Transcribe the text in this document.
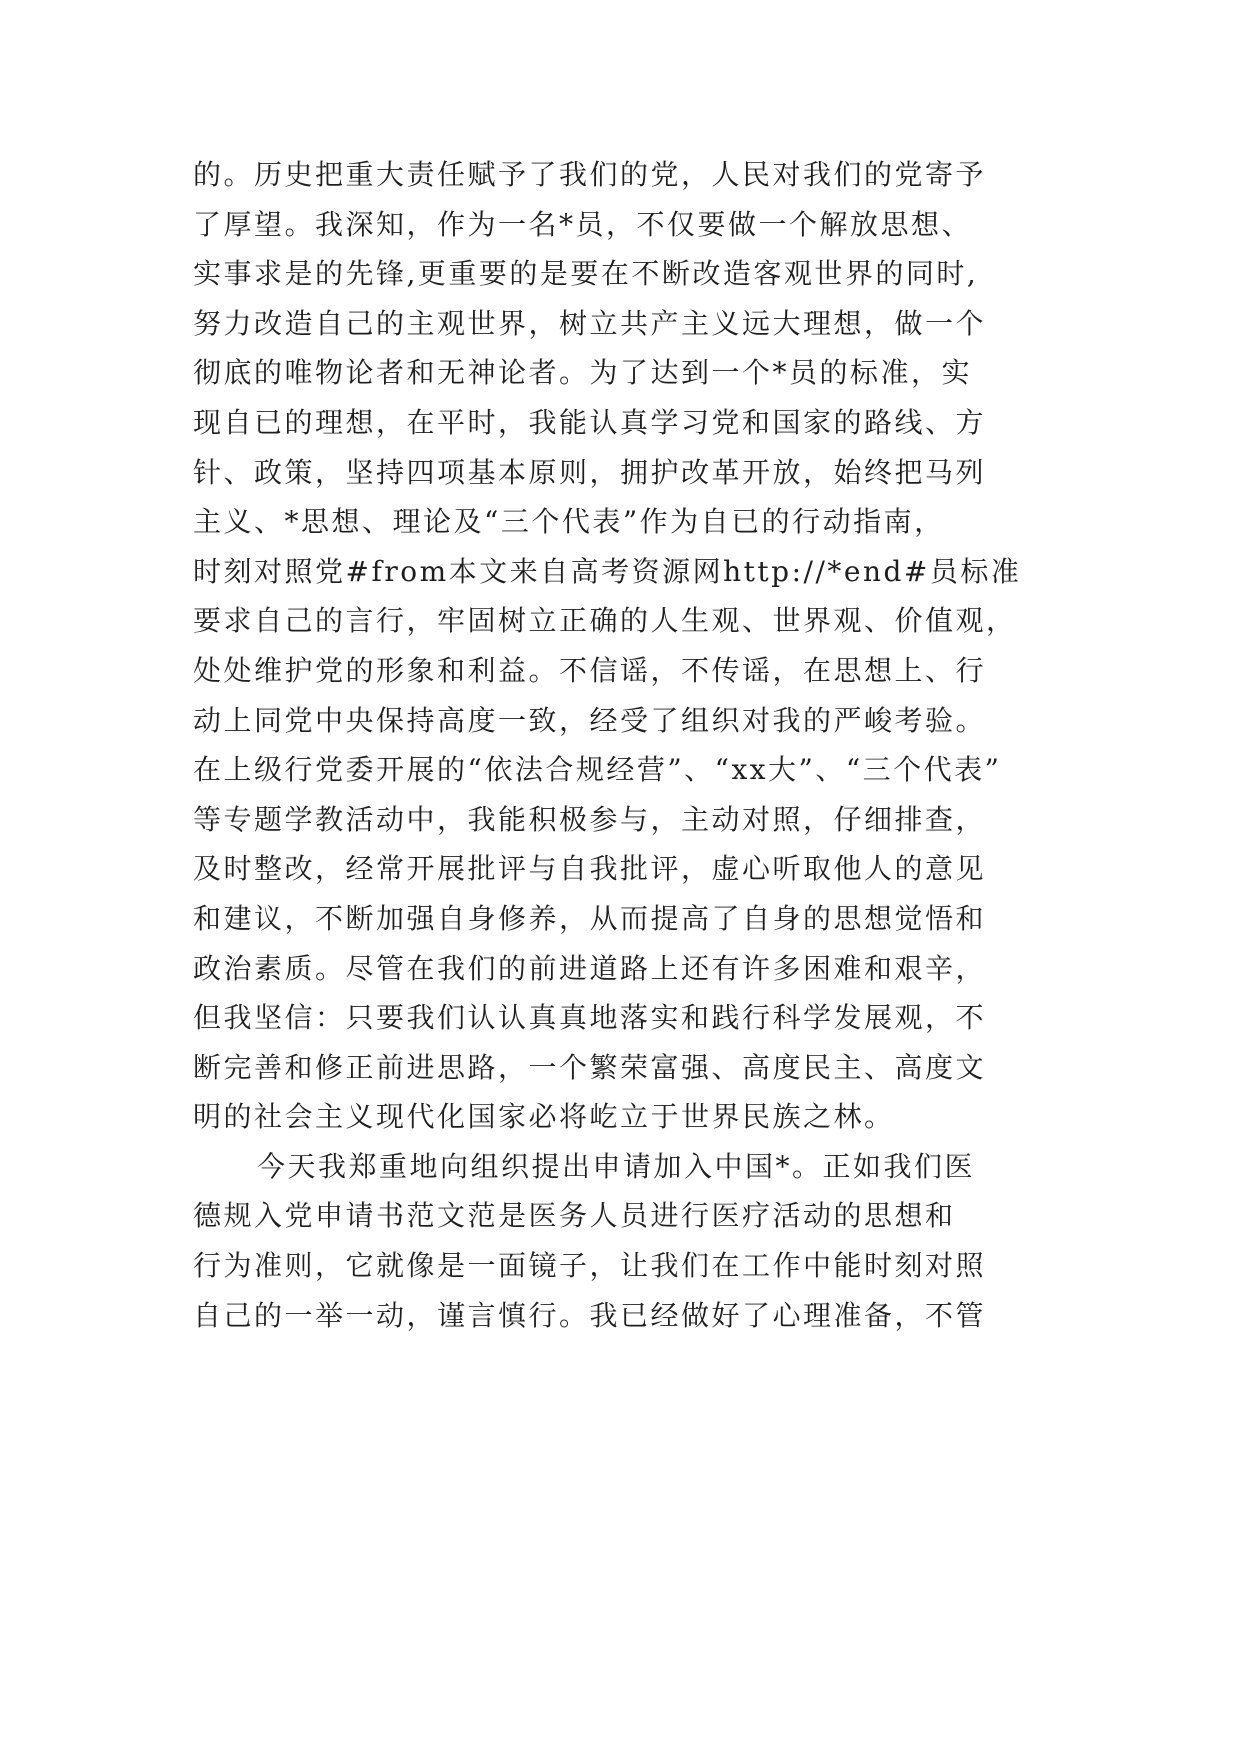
的。历史把重大责任赋予了我们的党，人民对我们的党寄予
了厚望。我深知，作为一名*员，不仅要做一个解放思想、
实事求是的先锋,更重要的是要在不断改造客观世界的同时,
努力改造自己的主观世界，树立共产主义远大理想，做一个
彻底的唯物论者和无神论者。为了达到一个*员的标准，实
现自已的理想，在平时，我能认真学习党和国家的路线、方
针、政策，坚持四项基本原则，拥护改革开放，始终把马列
主义、*思想、理论及“三个代表”作为自已的行动指南，
时刻对照党#from本文来自高考资源网http://*end#员标准
要求自己的言行，牢固树立正确的人生观、世界观、价值观，
处处维护党的形象和利益。不信谣，不传谣，在思想上、行
动上同党中央保持高度一致，经受了组织对我的严峻考验。
在上级行党委开展的“依法合规经营”、“xx大”、“三个代表”
等专题学教活动中，我能积极参与，主动对照，仔细排查，
及时整改，经常开展批评与自我批评，虚心听取他人的意见
和建议，不断加强自身修养，从而提高了自身的思想觉悟和
政治素质。尽管在我们的前进道路上还有许多困难和艰辛，
但我坚信：只要我们认认真真地落实和践行科学发展观，不
断完善和修正前进思路，一个繁荣富强、高度民主、高度文
明的社会主义现代化国家必将屹立于世界民族之林。
今天我郑重地向组织提出申请加入中国*。正如我们医
德规入党申请书范文范是医务人员进行医疗活动的思想和
行为准则，它就像是一面镜子，让我们在工作中能时刻对照
自己的一举一动，谨言慎行。我已经做好了心理准备，不管
